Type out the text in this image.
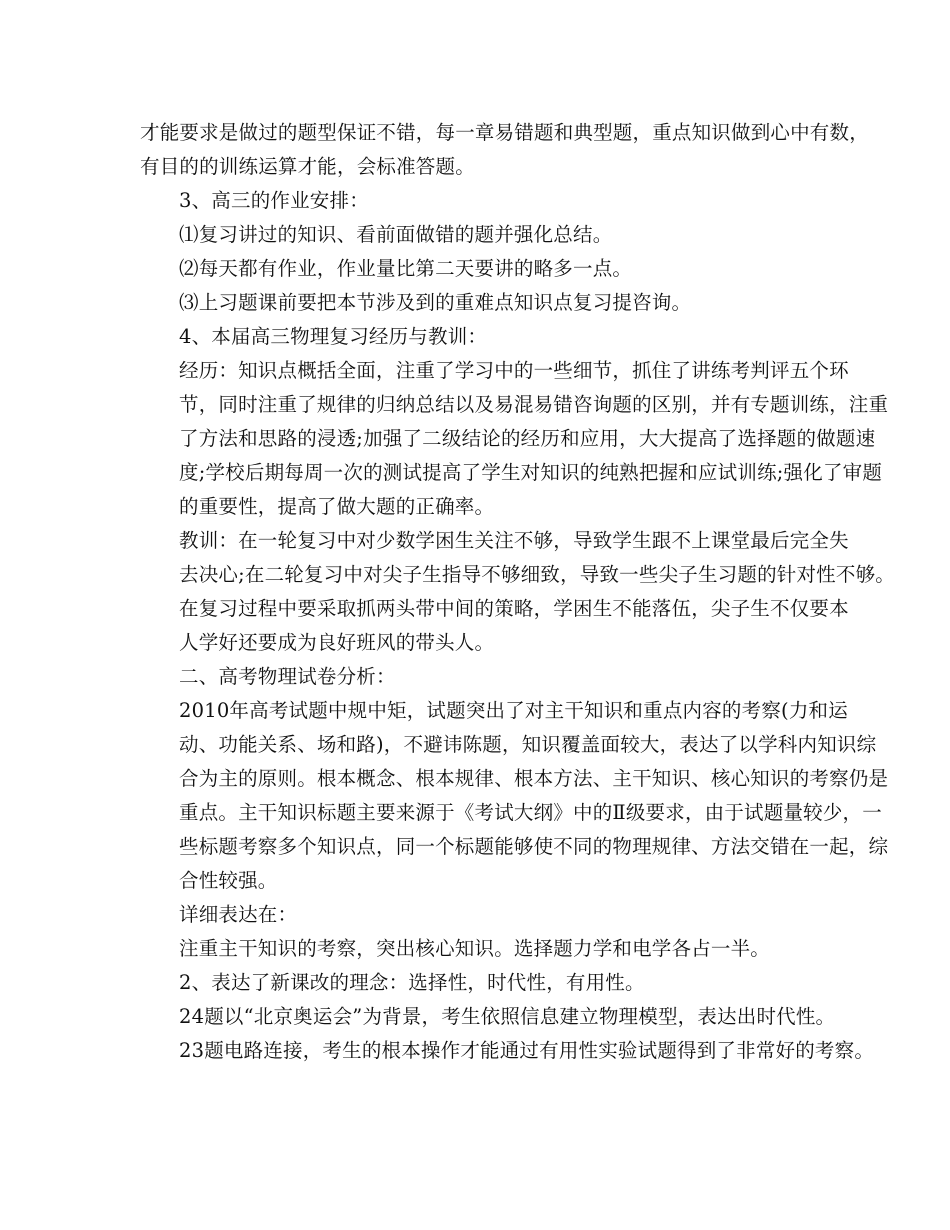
才能要求是做过的题型保证不错，每一章易错题和典型题，重点知识做到心中有数，
有目的的训练运算才能，会标准答题。

3、高三的作业安排：

⑴复习讲过的知识、看前面做错的题并强化总结。

⑵每天都有作业，作业量比第二天要讲的略多一点。

⑶上习题课前要把本节涉及到的重难点知识点复习提咨询。

4、本届高三物理复习经历与教训：

经历：知识点概括全面，注重了学习中的一些细节，抓住了讲练考判评五个环
节，同时注重了规律的归纳总结以及易混易错咨询题的区别，并有专题训练，注重
了方法和思路的浸透;加强了二级结论的经历和应用，大大提高了选择题的做题速
度;学校后期每周一次的测试提高了学生对知识的纯熟把握和应试训练;强化了审题
的重要性，提高了做大题的正确率。

教训：在一轮复习中对少数学困生关注不够，导致学生跟不上课堂最后完全失
去决心;在二轮复习中对尖子生指导不够细致，导致一些尖子生习题的针对性不够。

在复习过程中要采取抓两头带中间的策略，学困生不能落伍，尖子生不仅要本
人学好还要成为良好班风的带头人。

二、高考物理试卷分析：

2010年高考试题中规中矩，试题突出了对主干知识和重点内容的考察(力和运
动、功能关系、场和路)，不避讳陈题，知识覆盖面较大，表达了以学科内知识综
合为主的原则。根本概念、根本规律、根本方法、主干知识、核心知识的考察仍是
重点。主干知识标题主要来源于《考试大纲》中的Ⅱ级要求，由于试题量较少，一
些标题考察多个知识点，同一个标题能够使不同的物理规律、方法交错在一起，综
合性较强。

详细表达在：

注重主干知识的考察，突出核心知识。选择题力学和电学各占一半。

2、表达了新课改的理念：选择性，时代性，有用性。

24题以“北京奥运会”为背景，考生依照信息建立物理模型，表达出时代性。
23题电路连接，考生的根本操作才能通过有用性实验试题得到了非常好的考察。
